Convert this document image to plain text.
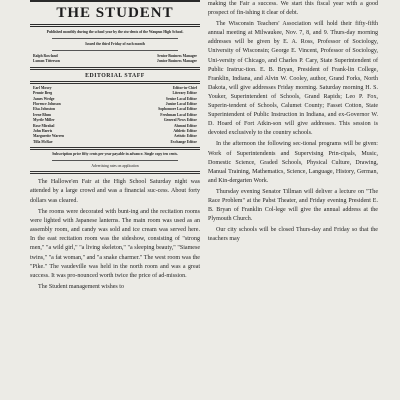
THE STUDENT
Published monthly during the school year by the stu-dents of the Waupun High School.
Issued the third Friday of each month
Ralph Rowland	Senior Business Manager
Lumon Titterson	Junior Business Manager
EDITORIAL STAFF
Earl Moxey	Editor-in-Chief
Pennie Berg	Literary Editor
James Wedge	Senior Local Editor
Florence Johnson	Junior Local Editor
Elsa Johnston	Sophomore Local Editor
Irene Blum	Freshman Local Editor
Myrtle Miller	General News Editor
Rose Mirabal	Alumni Editor
John Harris	Athletic Editor
Marguerite Warren	Artistic Editor
Tilla McRae	Exchange Editor
Subscription price fifty cents per year payable in advance. Single copy ten cents.
Advertising rates on application

The Hallowe'en Fair at the High School Saturday night was attended by a large crowd and was a financial suc-cess. About forty dollars was cleared.

The rooms were decorated with bunt-ing and the recitation rooms were lighted with Japanese lanterns. The main room was used as an assembly room, and candy was sold and ice cream was served here. In the east recitation room was the sideshow, consisting of "strong men," "a wild girl," "a living skeleton," "a sleeping beauty," "Siamese twins," "a fat woman," and "a snake charmer." The west room was the "Pike." The vaudeville was held in the north room and was a great success. It was pro-nounced worth twice the price of ad-mission.

The Student management wishes to

making the Fair a success. We start this fiscal year with a good prospect of fin-ishing it clear of debt.

The Wisconsin Teachers' Association will hold their fifty-fifth annual meeting at Milwaukee, Nov. 7, 8, and 9. Thurs-day morning addresses will be given by E. A. Ross, Professor of Sociology, University of Wisconsin; George E. Vincent, Professor of Sociology, Uni-versity of Chicago, and Charles P. Cary, State Superintendent of Public Instruc-tion. E. B. Bryan, President of Frank-lin College, Franklin, Indiana, and Alvin W. Cooley, author, Grand Forks, North Dakota, will give addresses Friday morning. Saturday morning H. S. Youker, Superintendent of Schools, Grand Rapids; Leo P. Fox, Superin-tendent of Schools, Calumet County; Fasset Cotton, State Superintendent of Public Instruction in Indiana, and ex-Governor W. D. Hoard of Fort Atkin-son will give addresses. This session is devoted exclusively to the country schools.

In the afternoon the following sec-tional programs will be given: Work of Superintendents and Supervising Prin-cipals, Music, Domestic Science, Graded Schools, Physical Culture, Drawing, Manual Training, Mathematics, Science, Language, History, German, and Kin-dergarten Work.

Thursday evening Senator Tillman will deliver a lecture on "The Race Problem" at the Pabst Theater, and Friday evening President E. B. Bryan of Franklin Col-lege will give the annual address at the Plymouth Church.

Our city schools will be closed Thurs-day and Friday so that the teachers may
